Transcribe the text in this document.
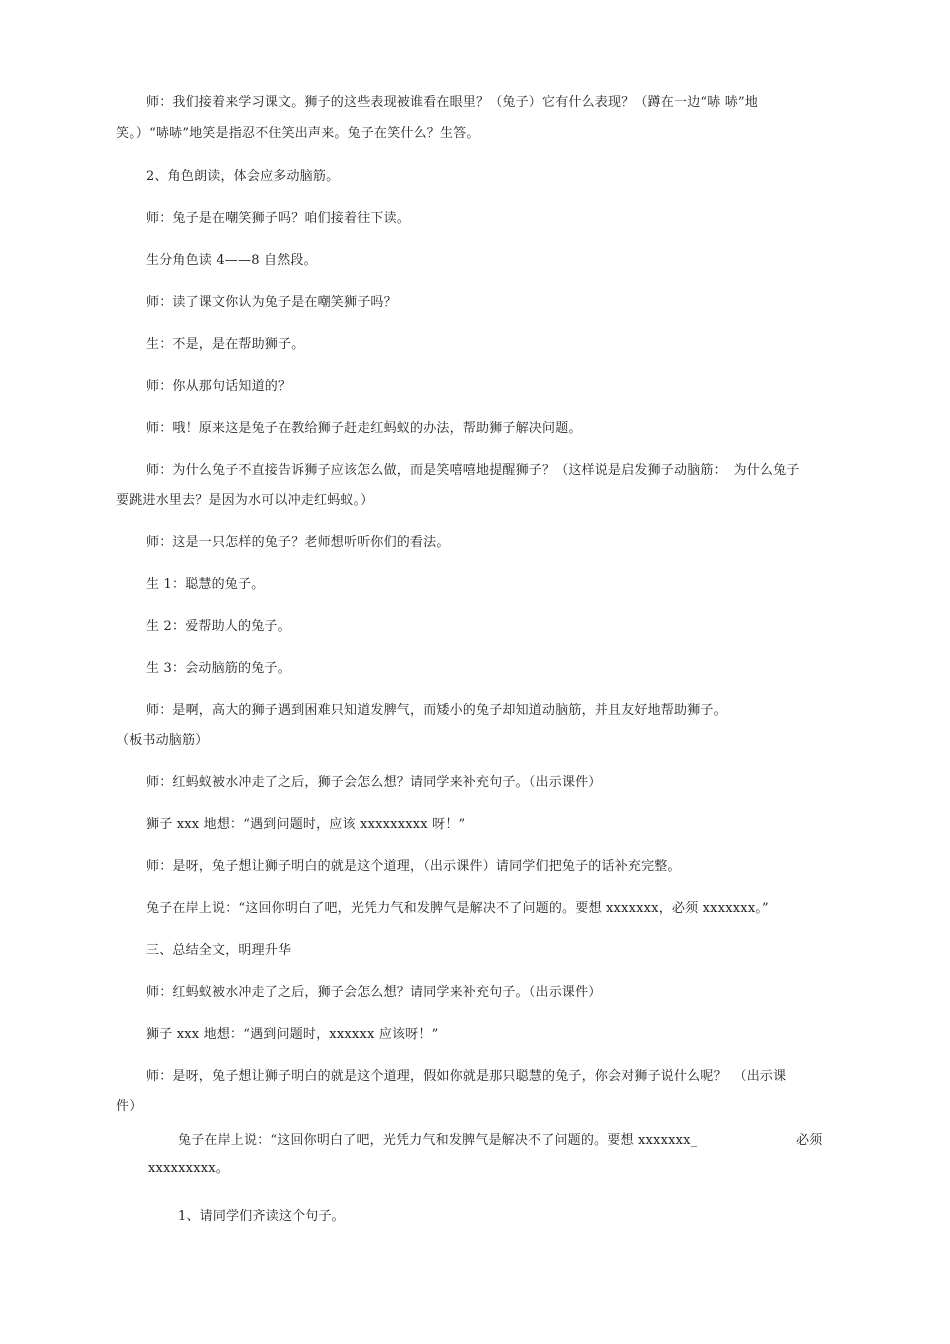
师：我们接着来学习课文。狮子的这些表现被谁看在眼里？（兔子）它有什么表现？（蹲在一边“哧 哧”地
笑。）“哧哧”地笑是指忍不住笑出声来。兔子在笑什么？生答。
2、角色朗读，体会应多动脑筋。
师：兔子是在嘲笑狮子吗？咱们接着往下读。
生分角色读 4——8 自然段。
师：读了课文你认为兔子是在嘲笑狮子吗？
生：不是，是在帮助狮子。
师：你从那句话知道的？
师：哦！原来这是兔子在教给狮子赶走红蚂蚁的办法，帮助狮子解决问题。
师：为什么兔子不直接告诉狮子应该怎么做，而是笑嘻嘻地提醒狮子？（这样说是启发狮子动脑筋：　为什么兔子
要跳进水里去？是因为水可以冲走红蚂蚁。）
师：这是一只怎样的兔子？老师想听听你们的看法。
生 1：聪慧的兔子。
生 2：爱帮助人的兔子。
生 3：会动脑筋的兔子。
师：是啊，高大的狮子遇到困难只知道发脾气，而矮小的兔子却知道动脑筋，并且友好地帮助狮子。
（板书动脑筋）
师：红蚂蚁被水冲走了之后，狮子会怎么想？请同学来补充句子。（出示课件）
狮子 xxx 地想：“遇到问题时，应该 xxxxxxxxx 呀！”
师：是呀，兔子想让狮子明白的就是这个道理，（出示课件）请同学们把兔子的话补充完整。
兔子在岸上说：“这回你明白了吧，光凭力气和发脾气是解决不了问题的。要想 xxxxxxx，必须 xxxxxxx。”
三、总结全文，明理升华
师：红蚂蚁被水冲走了之后，狮子会怎么想？请同学来补充句子。（出示课件）
狮子 xxx 地想：“遇到问题时，xxxxxx 应该呀！”
师：是呀，兔子想让狮子明白的就是这个道理，假如你就是那只聪慧的兔子，你会对狮子说什么呢？　（出示课
件）
兔子在岸上说：“这回你明白了吧，光凭力气和发脾气是解决不了问题的。要想 xxxxxxx_	必须
xxxxxxxxx。
1、请同学们齐读这个句子。
